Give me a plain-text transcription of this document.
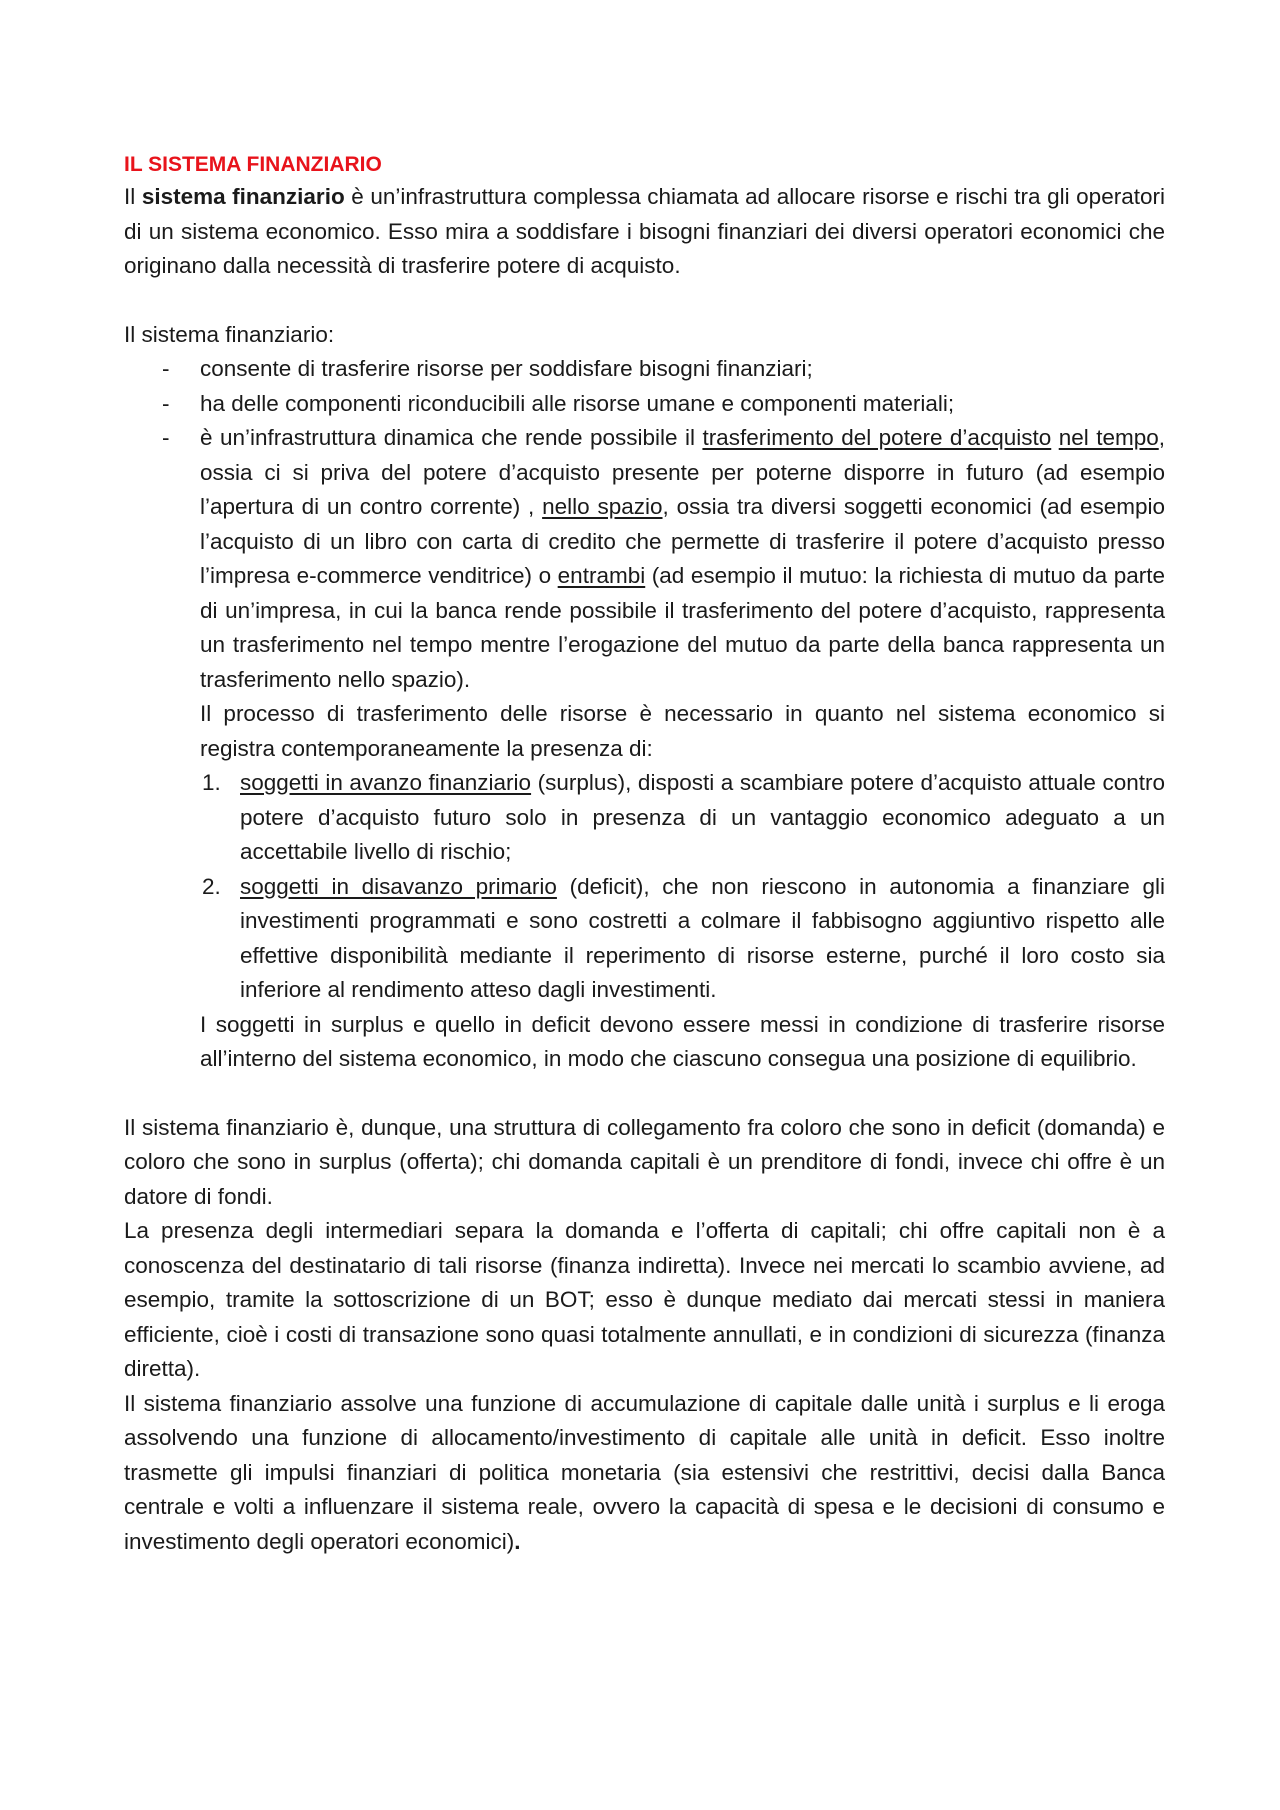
IL SISTEMA FINANZIARIO

Il sistema finanziario è un’infrastruttura complessa chiamata ad allocare risorse e rischi tra gli operatori di un sistema economico. Esso mira a soddisfare i bisogni finanziari dei diversi operatori economici che originano dalla necessità di trasferire potere di acquisto.

Il sistema finanziario:

- consente di trasferire risorse per soddisfare bisogni finanziari;
- ha delle componenti riconducibili alle risorse umane e componenti materiali;
- è un’infrastruttura dinamica che rende possibile il trasferimento del potere d’acquisto nel tempo, ossia ci si priva del potere d’acquisto presente per poterne disporre in futuro (ad esempio l’apertura di un contro corrente) , nello spazio, ossia tra diversi soggetti economici (ad esempio l’acquisto di un libro con carta di credito che permette di trasferire il potere d’acquisto presso l’impresa e-commerce venditrice) o entrambi (ad esempio il mutuo: la richiesta di mutuo da parte di un’impresa, in cui la banca rende possibile il trasferimento del potere d’acquisto, rappresenta un trasferimento nel tempo mentre l’erogazione del mutuo da parte della banca rappresenta un trasferimento nello spazio).
Il processo di trasferimento delle risorse è necessario in quanto nel sistema economico si registra contemporaneamente la presenza di:
1. soggetti in avanzo finanziario (surplus), disposti a scambiare potere d’acquisto attuale contro potere d’acquisto futuro solo in presenza di un vantaggio economico adeguato a un accettabile livello di rischio;
2. soggetti in disavanzo primario (deficit), che non riescono in autonomia a finanziare gli investimenti programmati e sono costretti a colmare il fabbisogno aggiuntivo rispetto alle effettive disponibilità mediante il reperimento di risorse esterne, purché il loro costo sia inferiore al rendimento atteso dagli investimenti.
I soggetti in surplus e quello in deficit devono essere messi in condizione di trasferire risorse all’interno del sistema economico, in modo che ciascuno consegua una posizione di equilibrio.

Il sistema finanziario è, dunque, una struttura di collegamento fra coloro che sono in deficit (domanda) e coloro che sono in surplus (offerta); chi domanda capitali è un prenditore di fondi, invece chi offre è un datore di fondi.

La presenza degli intermediari separa la domanda e l’offerta di capitali; chi offre capitali non è a conoscenza del destinatario di tali risorse (finanza indiretta). Invece nei mercati lo scambio avviene, ad esempio, tramite la sottoscrizione di un BOT; esso è dunque mediato dai mercati stessi in maniera efficiente, cioè i costi di transazione sono quasi totalmente annullati, e in condizioni di sicurezza (finanza diretta).

Il sistema finanziario assolve una funzione di accumulazione di capitale dalle unità i surplus e li eroga assolvendo una funzione di allocamento/investimento di capitale alle unità in deficit. Esso inoltre trasmette gli impulsi finanziari di politica monetaria (sia estensivi che restrittivi, decisi dalla Banca centrale e volti a influenzare il sistema reale, ovvero la capacità di spesa e le decisioni di consumo e investimento degli operatori economici).
